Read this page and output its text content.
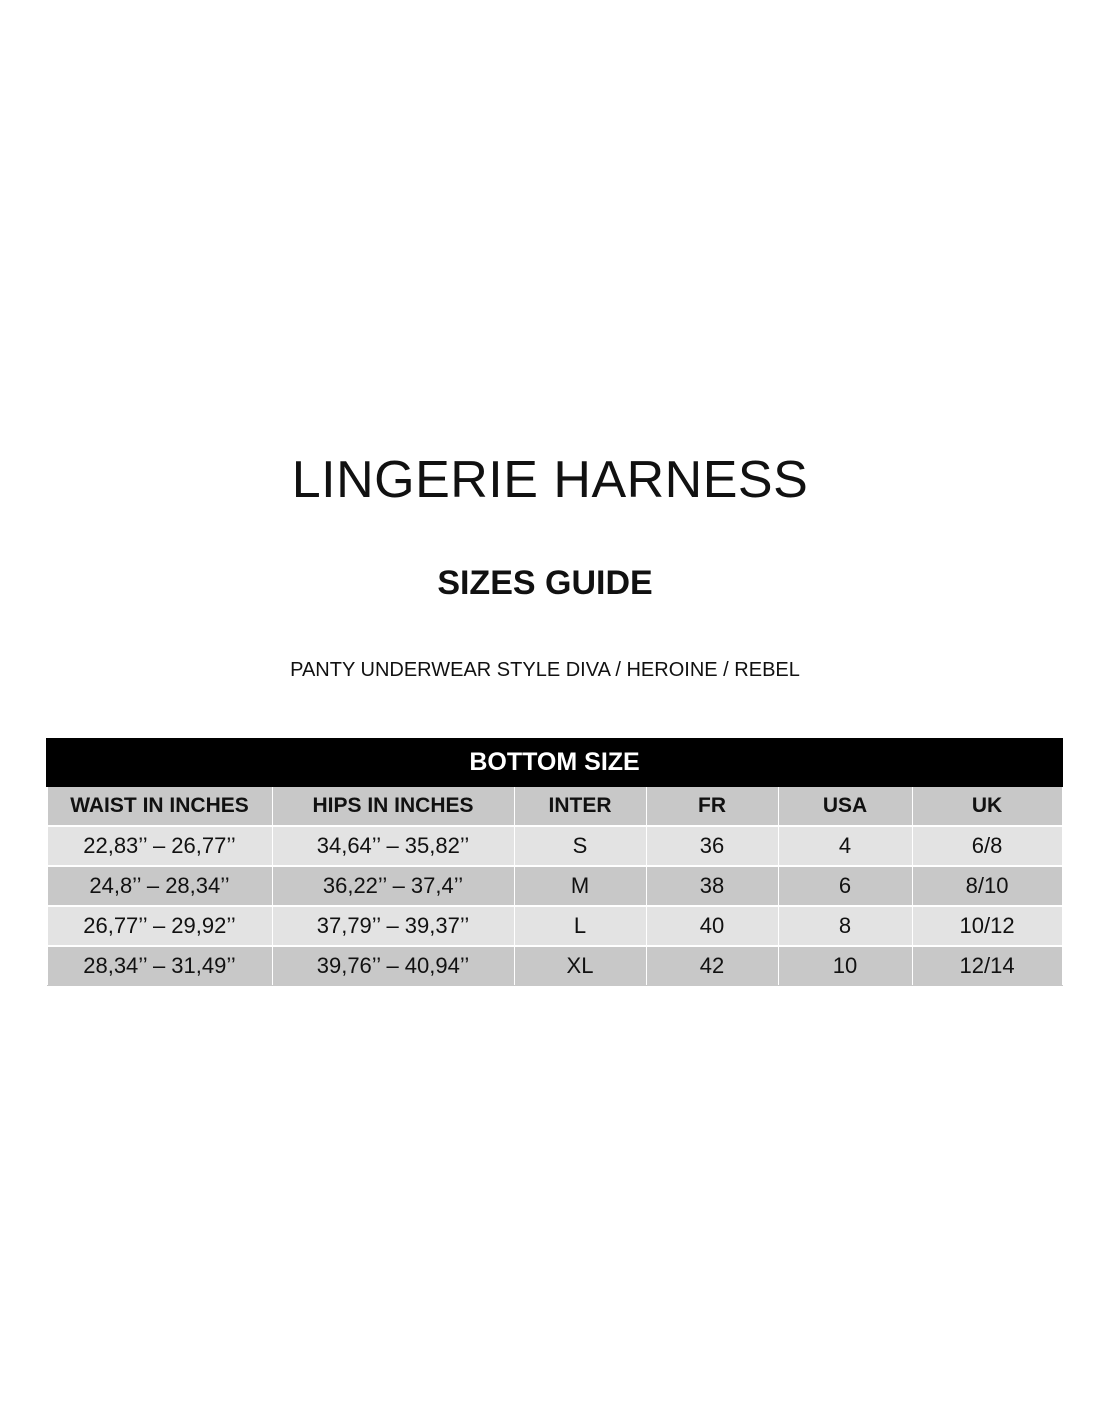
LINGERIE HARNESS
SIZES GUIDE
PANTY UNDERWEAR STYLE DIVA / HEROINE / REBEL
BOTTOM SIZE					
WAIST IN INCHES	HIPS IN INCHES	INTER	FR	USA	UK
22,83’’ – 26,77’’	34,64’’ – 35,82’’	S	36	4	6/8
24,8’’ – 28,34’’	36,22’’ – 37,4’’	M	38	6	8/10
26,77’’ – 29,92’’	37,79’’ – 39,37’’	L	40	8	10/12
28,34’’ – 31,49’’	39,76’’ – 40,94’’	XL	42	10	12/14
